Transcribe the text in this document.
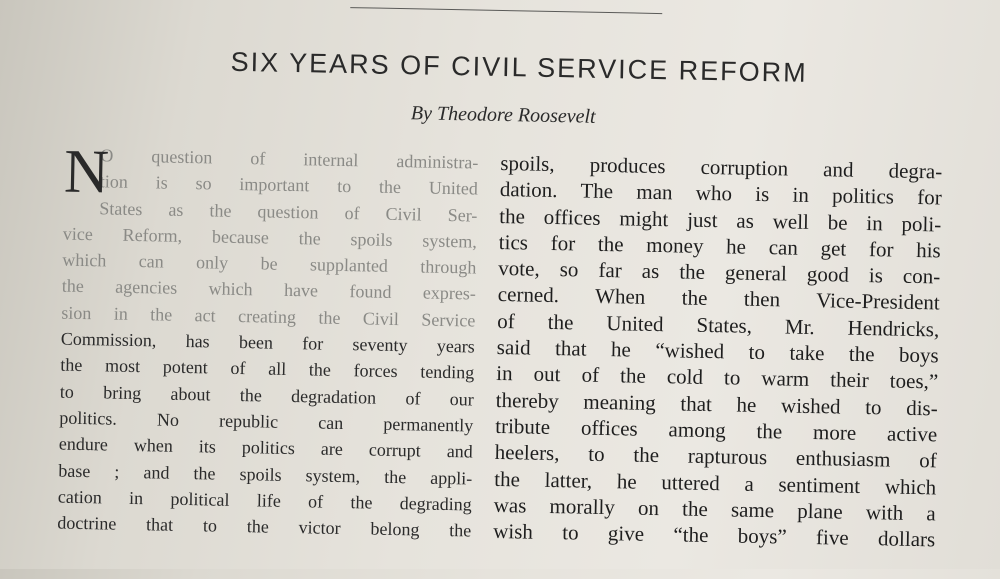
SIX YEARS OF CIVIL SERVICE REFORM
By Theodore Roosevelt
N
O question of internal administra-
tion is so important to the United
States as the question of Civil Ser-
vice Reform, because the spoils system,
which can only be supplanted through
the agencies which have found expres-
sion in the act creating the Civil Service
Commission, has been for seventy years
the most potent of all the forces tending
to bring about the degradation of our
politics. No republic can permanently
endure when its politics are corrupt and
base ; and the spoils system, the appli-
cation in political life of the degrading
doctrine that to the victor belong the
spoils, produces corruption and degra-
dation. The man who is in politics for
the offices might just as well be in poli-
tics for the money he can get for his
vote, so far as the general good is con-
cerned. When the then Vice-President
of the United States, Mr. Hendricks,
said that he “wished to take the boys
in out of the cold to warm their toes,”
thereby meaning that he wished to dis-
tribute offices among the more active
heelers, to the rapturous enthusiasm of
the latter, he uttered a sentiment which
was morally on the same plane with a
wish to give “the boys” five dollars
